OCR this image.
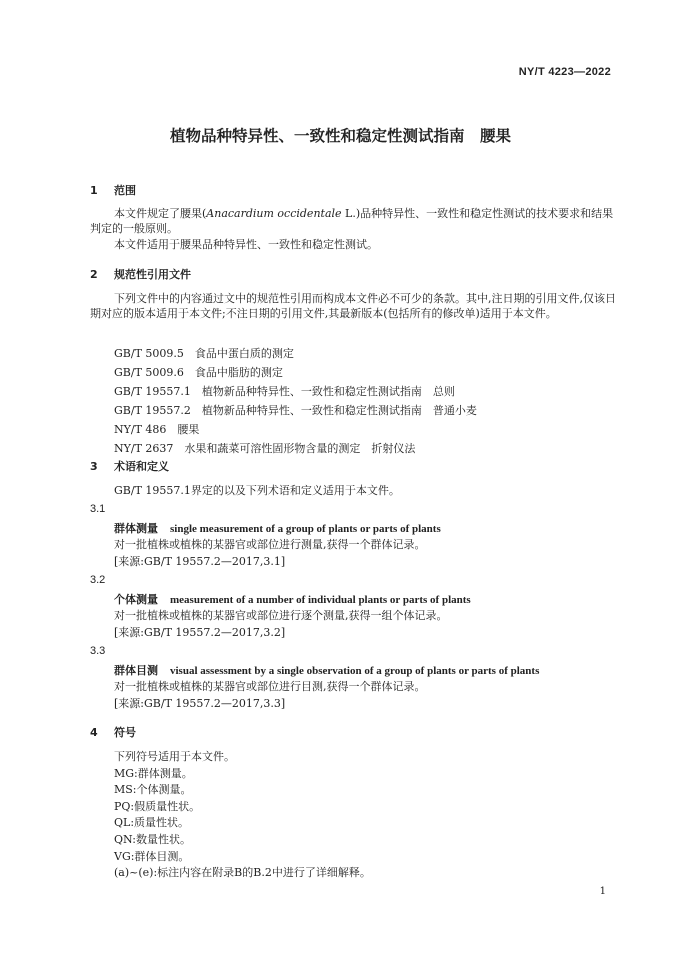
NY/T 4223—2022
植物品种特异性、一致性和稳定性测试指南　腰果
1 范围
本文件规定了腰果(Anacardium occidentale L.)品种特异性、一致性和稳定性测试的技术要求和结果判定的一般原则。
本文件适用于腰果品种特异性、一致性和稳定性测试。
2 规范性引用文件
下列文件中的内容通过文中的规范性引用而构成本文件必不可少的条款。其中,注日期的引用文件,仅该日期对应的版本适用于本文件;不注日期的引用文件,其最新版本(包括所有的修改单)适用于本文件。
GB/T 5009.5　食品中蛋白质的测定
GB/T 5009.6　食品中脂肪的测定
GB/T 19557.1　植物新品种特异性、一致性和稳定性测试指南　总则
GB/T 19557.2　植物新品种特异性、一致性和稳定性测试指南　普通小麦
NY/T 486　腰果
NY/T 2637　水果和蔬菜可溶性固形物含量的测定　折射仪法
3 术语和定义
GB/T 19557.1界定的以及下列术语和定义适用于本文件。
3.1
群体测量 single measurement of a group of plants or parts of plants
对一批植株或植株的某器官或部位进行测量,获得一个群体记录。
[来源:GB/T 19557.2—2017,3.1]
3.2
个体测量 measurement of a number of individual plants or parts of plants
对一批植株或植株的某器官或部位进行逐个测量,获得一组个体记录。
[来源:GB/T 19557.2—2017,3.2]
3.3
群体目测 visual assessment by a single observation of a group of plants or parts of plants
对一批植株或植株的某器官或部位进行目测,获得一个群体记录。
[来源:GB/T 19557.2—2017,3.3]
4 符号
下列符号适用于本文件。
MG:群体测量。
MS:个体测量。
PQ:假质量性状。
QL:质量性状。
QN:数量性状。
VG:群体目测。
(a)~(e):标注内容在附录B的B.2中进行了详细解释。
1
